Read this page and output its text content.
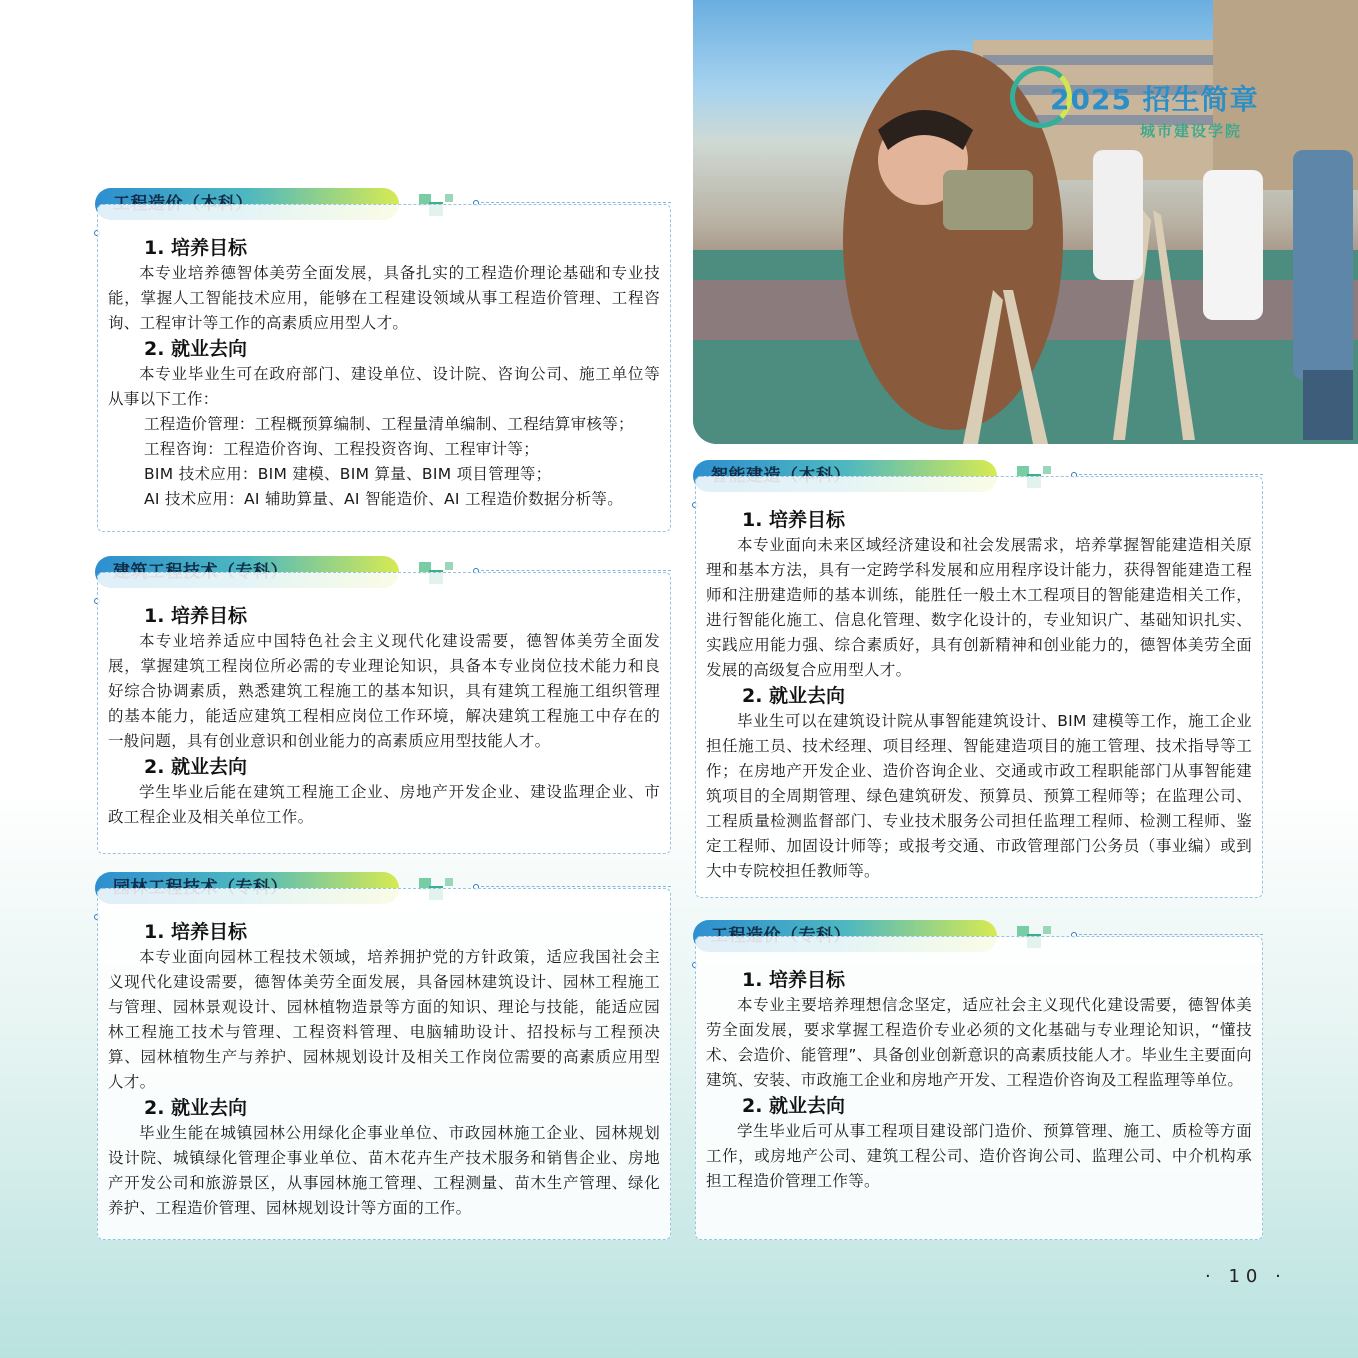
2025 招生简章
城市建设学院
1. 培养目标

本专业培养德智体美劳全面发展，具备扎实的工程造价理论基础和专业技能，掌握人工智能技术应用，能够在工程建设领域从事工程造价管理、工程咨询、工程审计等工作的高素质应用型人才。

2. 就业去向

本专业毕业生可在政府部门、建设单位、设计院、咨询公司、施工单位等从事以下工作：

工程造价管理：工程概预算编制、工程量清单编制、工程结算审核等；

工程咨询：工程造价咨询、工程投资咨询、工程审计等；

BIM 技术应用：BIM 建模、BIM 算量、BIM 项目管理等；

AI 技术应用：AI 辅助算量、AI 智能造价、AI 工程造价数据分析等。

1. 培养目标

本专业培养适应中国特色社会主义现代化建设需要，德智体美劳全面发展，掌握建筑工程岗位所必需的专业理论知识，具备本专业岗位技术能力和良好综合协调素质，熟悉建筑工程施工的基本知识，具有建筑工程施工组织管理的基本能力，能适应建筑工程相应岗位工作环境，解决建筑工程施工中存在的一般问题，具有创业意识和创业能力的高素质应用型技能人才。

2. 就业去向

学生毕业后能在建筑工程施工企业、房地产开发企业、建设监理企业、市政工程企业及相关单位工作。

1. 培养目标

本专业面向园林工程技术领域，培养拥护党的方针政策，适应我国社会主义现代化建设需要，德智体美劳全面发展，具备园林建筑设计、园林工程施工与管理、园林景观设计、园林植物造景等方面的知识、理论与技能，能适应园林工程施工技术与管理、工程资料管理、电脑辅助设计、招投标与工程预决算、园林植物生产与养护、园林规划设计及相关工作岗位需要的高素质应用型人才。

2. 就业去向

毕业生能在城镇园林公用绿化企事业单位、市政园林施工企业、园林规划设计院、城镇绿化管理企事业单位、苗木花卉生产技术服务和销售企业、房地产开发公司和旅游景区，从事园林施工管理、工程测量、苗木生产管理、绿化养护、工程造价管理、园林规划设计等方面的工作。

1. 培养目标

本专业面向未来区域经济建设和社会发展需求，培养掌握智能建造相关原理和基本方法，具有一定跨学科发展和应用程序设计能力，获得智能建造工程师和注册建造师的基本训练，能胜任一般土木工程项目的智能建造相关工作，进行智能化施工、信息化管理、数字化设计的，专业知识广、基础知识扎实、实践应用能力强、综合素质好，具有创新精神和创业能力的，德智体美劳全面发展的高级复合应用型人才。

2. 就业去向

毕业生可以在建筑设计院从事智能建筑设计、BIM 建模等工作，施工企业担任施工员、技术经理、项目经理、智能建造项目的施工管理、技术指导等工作；在房地产开发企业、造价咨询企业、交通或市政工程职能部门从事智能建筑项目的全周期管理、绿色建筑研发、预算员、预算工程师等；在监理公司、工程质量检测监督部门、专业技术服务公司担任监理工程师、检测工程师、鉴定工程师、加固设计师等；或报考交通、市政管理部门公务员（事业编）或到大中专院校担任教师等。

1. 培养目标

本专业主要培养理想信念坚定，适应社会主义现代化建设需要，德智体美劳全面发展，要求掌握工程造价专业必须的文化基础与专业理论知识，“懂技术、会造价、能管理”、具备创业创新意识的高素质技能人才。毕业生主要面向建筑、安装、市政施工企业和房地产开发、工程造价咨询及工程监理等单位。

2. 就业去向

学生毕业后可从事工程项目建设部门造价、预算管理、施工、质检等方面工作，或房地产公司、建筑工程公司、造价咨询公司、监理公司、中介机构承担工程造价管理工作等。

· 10 ·
